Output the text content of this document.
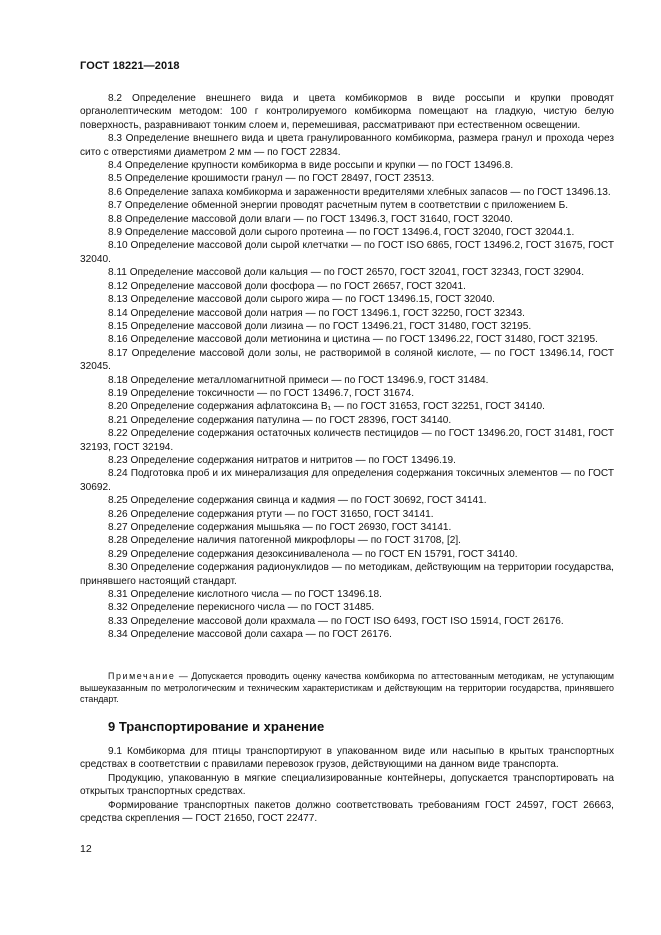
ГОСТ 18221—2018

8.2 Определение внешнего вида и цвета комбикормов в виде россыпи и крупки проводят органолептическим методом: 100 г контролируемого комбикорма помещают на гладкую, чистую белую поверхность, разравнивают тонким слоем и, перемешивая, рассматривают при естественном освещении.

8.3 Определение внешнего вида и цвета гранулированного комбикорма, размера гранул и прохода через сито с отверстиями диаметром 2 мм — по ГОСТ 22834.

8.4 Определение крупности комбикорма в виде россыпи и крупки — по ГОСТ 13496.8.

8.5 Определение крошимости гранул — по ГОСТ 28497, ГОСТ 23513.

8.6 Определение запаха комбикорма и зараженности вредителями хлебных запасов — по ГОСТ 13496.13.

8.7 Определение обменной энергии проводят расчетным путем в соответствии с приложением Б.

8.8 Определение массовой доли влаги — по ГОСТ 13496.3, ГОСТ 31640, ГОСТ 32040.

8.9 Определение массовой доли сырого протеина — по ГОСТ 13496.4, ГОСТ 32040, ГОСТ 32044.1.

8.10 Определение массовой доли сырой клетчатки — по ГОСТ ISO 6865, ГОСТ 13496.2, ГОСТ 31675, ГОСТ 32040.

8.11 Определение массовой доли кальция — по ГОСТ 26570, ГОСТ 32041, ГОСТ 32343, ГОСТ 32904.

8.12 Определение массовой доли фосфора — по ГОСТ 26657, ГОСТ 32041.

8.13 Определение массовой доли сырого жира — по ГОСТ 13496.15, ГОСТ 32040.

8.14 Определение массовой доли натрия — по ГОСТ 13496.1, ГОСТ 32250, ГОСТ 32343.

8.15 Определение массовой доли лизина — по ГОСТ 13496.21, ГОСТ 31480, ГОСТ 32195.

8.16 Определение массовой доли метионина и цистина — по ГОСТ 13496.22, ГОСТ 31480, ГОСТ 32195.

8.17 Определение массовой доли золы, не растворимой в соляной кислоте, — по ГОСТ 13496.14, ГОСТ 32045.

8.18 Определение металломагнитной примеси — по ГОСТ 13496.9, ГОСТ 31484.

8.19 Определение токсичности — по ГОСТ 13496.7, ГОСТ 31674.

8.20 Определение содержания афлатоксина B₁ — по ГОСТ 31653, ГОСТ 32251, ГОСТ 34140.

8.21 Определение содержания патулина — по ГОСТ 28396, ГОСТ 34140.

8.22 Определение содержания остаточных количеств пестицидов — по ГОСТ 13496.20, ГОСТ 31481, ГОСТ 32193, ГОСТ 32194.

8.23 Определение содержания нитратов и нитритов — по ГОСТ 13496.19.

8.24 Подготовка проб и их минерализация для определения содержания токсичных элементов — по ГОСТ 30692.

8.25 Определение содержания свинца и кадмия — по ГОСТ 30692, ГОСТ 34141.

8.26 Определение содержания ртути — по ГОСТ 31650, ГОСТ 34141.

8.27 Определение содержания мышьяка — по ГОСТ 26930, ГОСТ 34141.

8.28 Определение наличия патогенной микрофлоры — по ГОСТ 31708, [2].

8.29 Определение содержания дезоксиниваленола — по ГОСТ EN 15791, ГОСТ 34140.

8.30 Определение содержания радионуклидов — по методикам, действующим на территории государства, принявшего настоящий стандарт.

8.31 Определение кислотного числа — по ГОСТ 13496.18.

8.32 Определение перекисного числа — по ГОСТ 31485.

8.33 Определение массовой доли крахмала — по ГОСТ ISO 6493, ГОСТ ISO 15914, ГОСТ 26176.

8.34 Определение массовой доли сахара — по ГОСТ 26176.

Примечание — Допускается проводить оценку качества комбикорма по аттестованным методикам, не уступающим вышеуказанным по метрологическим и техническим характеристикам и действующим на территории государства, принявшего стандарт.

9 Транспортирование и хранение

9.1 Комбикорма для птицы транспортируют в упакованном виде или насыпью в крытых транспортных средствах в соответствии с правилами перевозок грузов, действующими на данном виде транспорта.

Продукцию, упакованную в мягкие специализированные контейнеры, допускается транспортировать на открытых транспортных средствах.

Формирование транспортных пакетов должно соответствовать требованиям ГОСТ 24597, ГОСТ 26663, средства скрепления — ГОСТ 21650, ГОСТ 22477.

12
